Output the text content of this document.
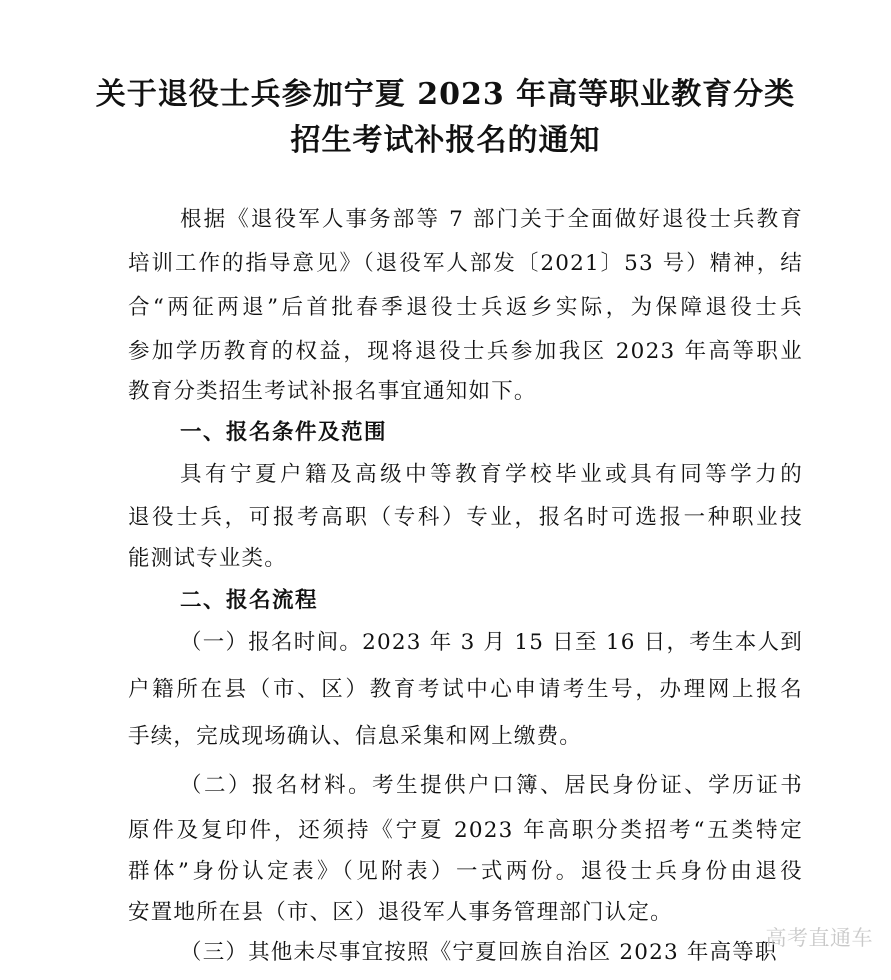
关于退役士兵参加宁夏 2023 年高等职业教育分类
招生考试补报名的通知

根据《退役军人事务部等 7 部门关于全面做好退役士兵教育

培训工作的指导意见》（退役军人部发〔2021〕53 号）精神，结

合“两征两退”后首批春季退役士兵返乡实际，为保障退役士兵

参加学历教育的权益，现将退役士兵参加我区 2023 年高等职业

教育分类招生考试补报名事宜通知如下。

一、报名条件及范围

具有宁夏户籍及高级中等教育学校毕业或具有同等学力的

退役士兵，可报考高职（专科）专业，报名时可选报一种职业技

能测试专业类。

二、报名流程

（一）报名时间。2023 年 3 月 15 日至 16 日，考生本人到

户籍所在县（市、区）教育考试中心申请考生号，办理网上报名

手续，完成现场确认、信息采集和网上缴费。

（二）报名材料。考生提供户口簿、居民身份证、学历证书

原件及复印件，还须持《宁夏 2023 年高职分类招考“五类特定

群体”身份认定表》（见附表）一式两份。退役士兵身份由退役

安置地所在县（市、区）退役军人事务管理部门认定。

（三）其他未尽事宜按照《宁夏回族自治区 2023 年高等职

高考直通车
